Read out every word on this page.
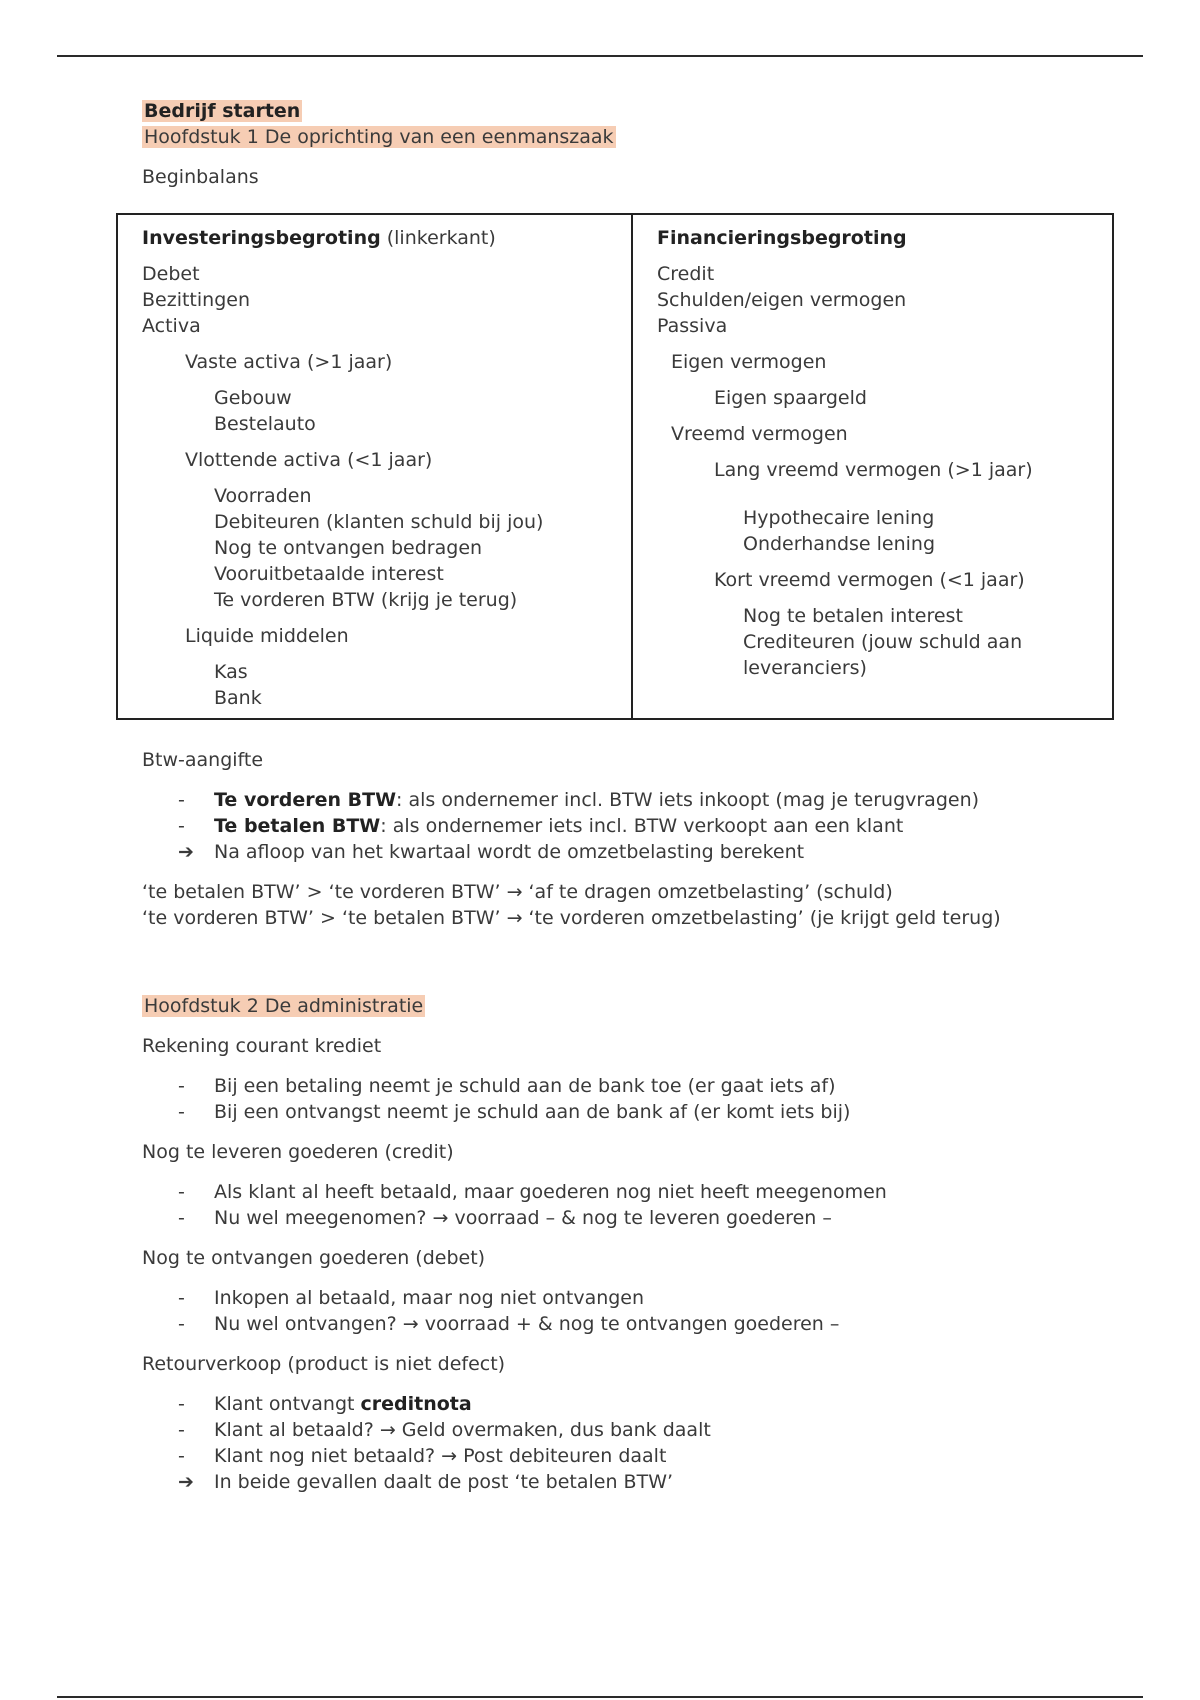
Bedrijf starten

Hoofdstuk 1 De oprichting van een eenmanszaak

Beginbalans

Investeringsbegroting (linkerkant)

Debet

Bezittingen

Activa

Vaste activa (>1 jaar)

Gebouw

Bestelauto

Vlottende activa (<1 jaar)

Voorraden

Debiteuren (klanten schuld bij jou)

Nog te ontvangen bedragen

Vooruitbetaalde interest

Te vorderen BTW (krijg je terug)

Liquide middelen

Kas

Bank

Financieringsbegroting

Credit

Schulden/eigen vermogen

Passiva

Eigen vermogen

Eigen spaargeld

Vreemd vermogen

Lang vreemd vermogen (>1 jaar)

Hypothecaire lening

Onderhandse lening

Kort vreemd vermogen (<1 jaar)

Nog te betalen interest

Crediteuren (jouw schuld aan

leveranciers)

Btw-aangifte

- Te vorderen BTW: als ondernemer incl. BTW iets inkoopt (mag je terugvragen)
- Te betalen BTW: als ondernemer iets incl. BTW verkoopt aan een klant
➔ Na afloop van het kwartaal wordt de omzetbelasting berekent

‘te betalen BTW’ > ‘te vorderen BTW’ → ‘af te dragen omzetbelasting’ (schuld)

‘te vorderen BTW’ > ‘te betalen BTW’ → ‘te vorderen omzetbelasting’ (je krijgt geld terug)

Hoofdstuk 2 De administratie

Rekening courant krediet

- Bij een betaling neemt je schuld aan de bank toe (er gaat iets af)
- Bij een ontvangst neemt je schuld aan de bank af (er komt iets bij)

Nog te leveren goederen (credit)

- Als klant al heeft betaald, maar goederen nog niet heeft meegenomen
- Nu wel meegenomen? → voorraad – & nog te leveren goederen –

Nog te ontvangen goederen (debet)

- Inkopen al betaald, maar nog niet ontvangen
- Nu wel ontvangen? → voorraad + & nog te ontvangen goederen –

Retourverkoop (product is niet defect)

- Klant ontvangt creditnota
- Klant al betaald? → Geld overmaken, dus bank daalt
- Klant nog niet betaald? → Post debiteuren daalt
➔ In beide gevallen daalt de post ‘te betalen BTW’
